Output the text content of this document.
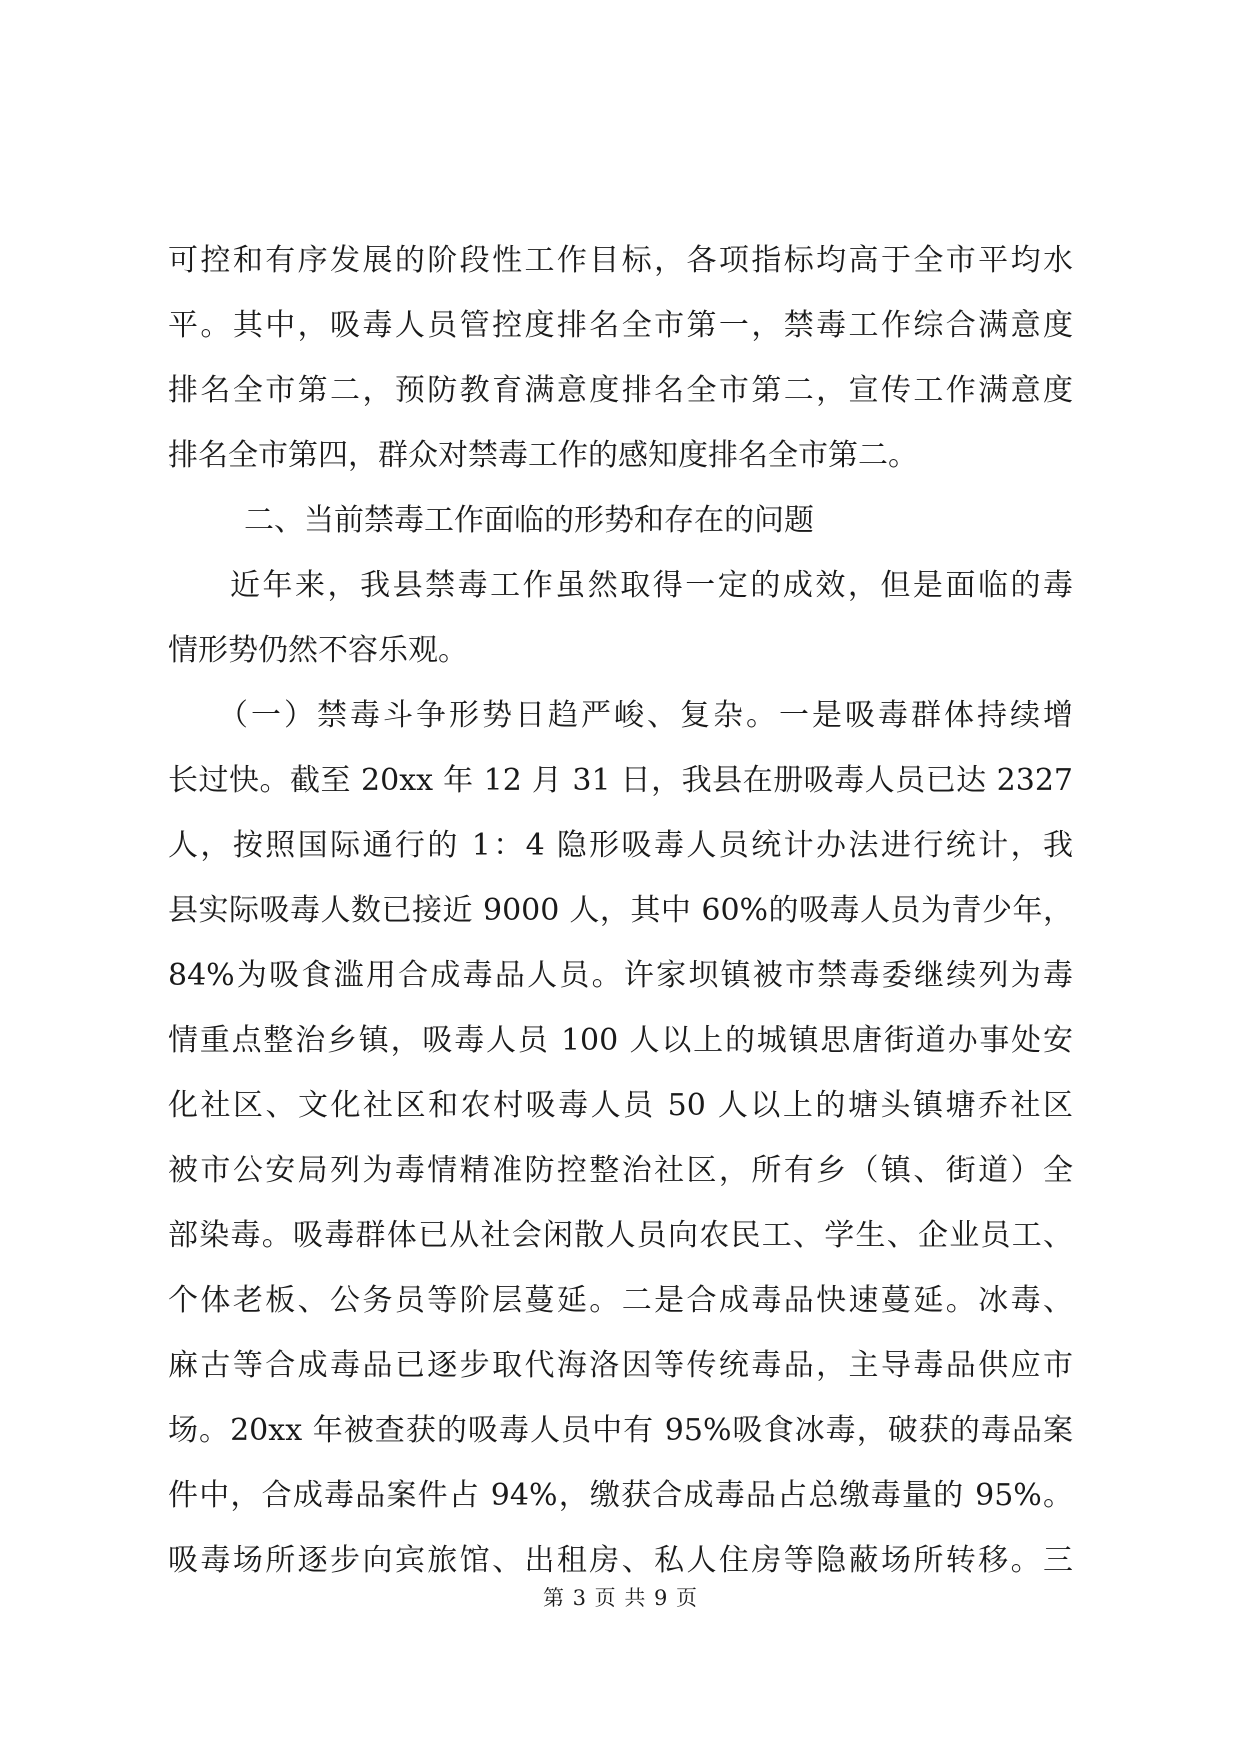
可控和有序发展的阶段性工作目标，各项指标均高于全市平均水
平。其中，吸毒人员管控度排名全市第一，禁毒工作综合满意度
排名全市第二，预防教育满意度排名全市第二，宣传工作满意度
排名全市第四，群众对禁毒工作的感知度排名全市第二。
二、当前禁毒工作面临的形势和存在的问题
近年来，我县禁毒工作虽然取得一定的成效，但是面临的毒
情形势仍然不容乐观。
（一）禁毒斗争形势日趋严峻、复杂。一是吸毒群体持续增
长过快。截至 20xx 年 12 月 31 日，我县在册吸毒人员已达 2327
人，按照国际通行的 1：4 隐形吸毒人员统计办法进行统计，我
县实际吸毒人数已接近 9000 人，其中 60%的吸毒人员为青少年，
84%为吸食滥用合成毒品人员。许家坝镇被市禁毒委继续列为毒
情重点整治乡镇，吸毒人员 100 人以上的城镇思唐街道办事处安
化社区、文化社区和农村吸毒人员 50 人以上的塘头镇塘乔社区
被市公安局列为毒情精准防控整治社区，所有乡（镇、街道）全
部染毒。吸毒群体已从社会闲散人员向农民工、学生、企业员工、
个体老板、公务员等阶层蔓延。二是合成毒品快速蔓延。冰毒、
麻古等合成毒品已逐步取代海洛因等传统毒品，主导毒品供应市
场。20xx 年被查获的吸毒人员中有 95%吸食冰毒，破获的毒品案
件中，合成毒品案件占 94%，缴获合成毒品占总缴毒量的 95%。
吸毒场所逐步向宾旅馆、出租房、私人住房等隐蔽场所转移。三
第 3 页 共 9 页
